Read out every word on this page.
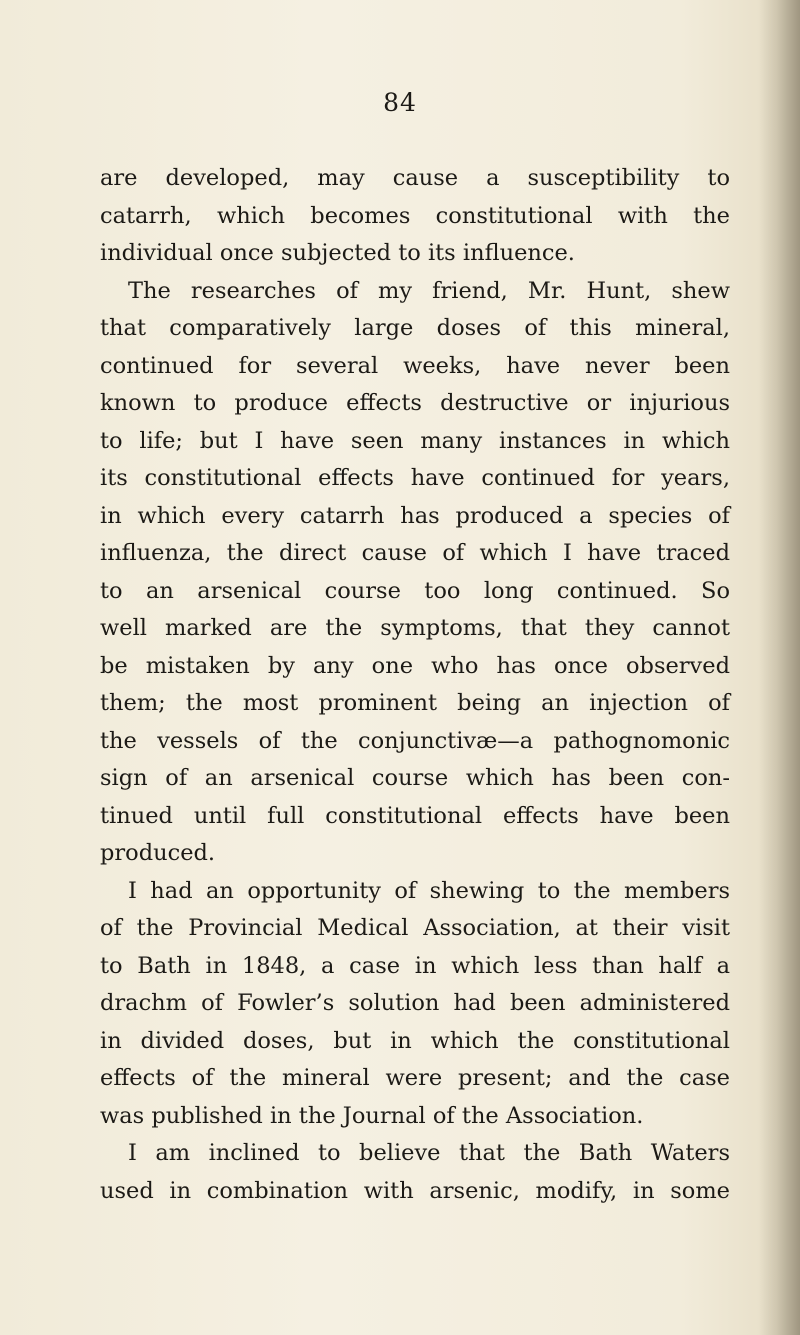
84
are developed, may cause a susceptibility to
catarrh, which becomes constitutional with the
individual once subjected to its influence.
The researches of my friend, Mr. Hunt, shew
that comparatively large doses of this mineral,
continued for several weeks, have never been
known to produce effects destructive or injurious
to life; but I have seen many instances in which
its constitutional effects have continued for years,
in which every catarrh has produced a species of
influenza, the direct cause of which I have traced
to an arsenical course too long continued. So
well marked are the symptoms, that they cannot
be mistaken by any one who has once observed
them; the most prominent being an injection of
the vessels of the conjunctivæ—a pathognomonic
sign of an arsenical course which has been con-
tinued until full constitutional effects have been
produced.
I had an opportunity of shewing to the members
of the Provincial Medical Association, at their visit
to Bath in 1848, a case in which less than half a
drachm of Fowler’s solution had been administered
in divided doses, but in which the constitutional
effects of the mineral were present; and the case
was published in the Journal of the Association.
I am inclined to believe that the Bath Waters
used in combination with arsenic, modify, in some
